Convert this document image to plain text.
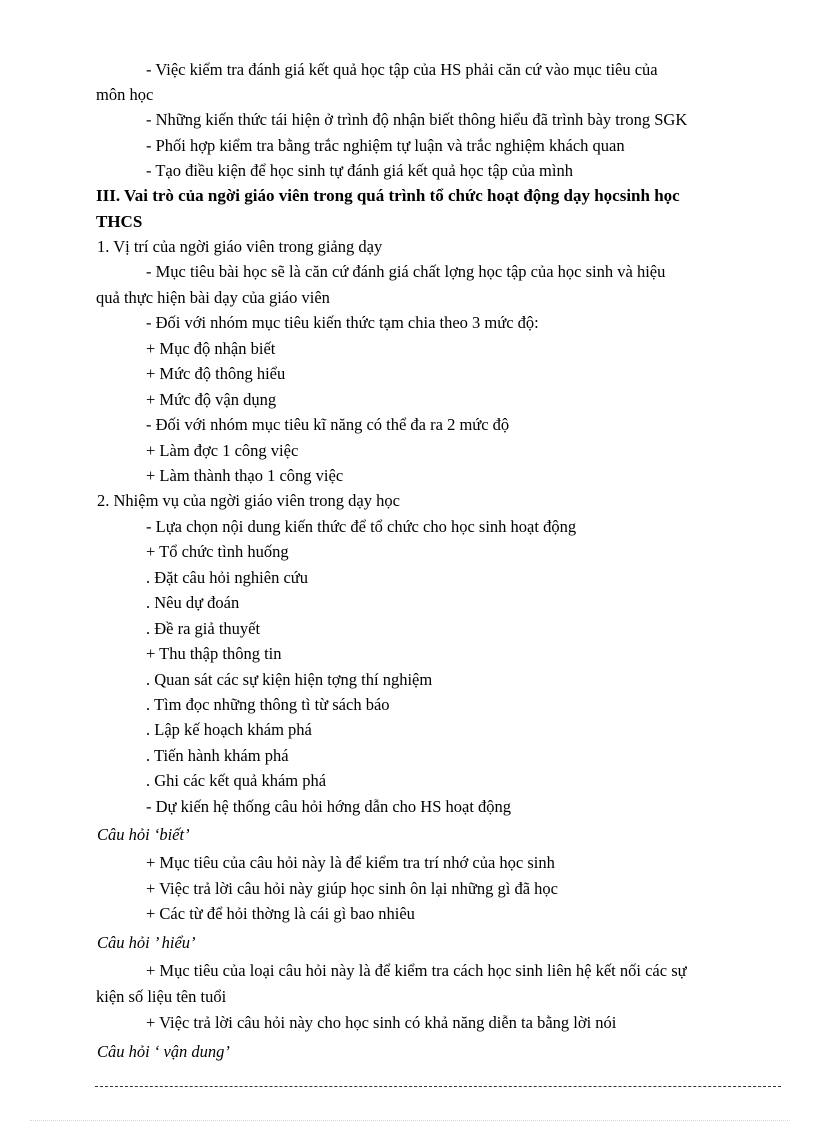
- Việc kiểm tra đánh giá kết quả học tập của HS phải căn cứ vào mục tiêu của
môn học
- Những kiến thức tái hiện ở trình độ nhận biết thông hiểu đã trình bày trong SGK
- Phối hợp kiểm tra bằng trắc nghiệm tự luận và trắc nghiệm khách quan
- Tạo điều kiện để học sinh tự đánh giá kết quả học tập của mình
III. Vai trò của ngời giáo viên trong quá trình tổ chức hoạt động dạy họcsinh học
THCS
1. Vị trí của ngời giáo viên trong giảng dạy
- Mục tiêu bài học sẽ là căn cứ đánh giá chất lợng học tập của học sinh và hiệu
quả thực hiện bài dạy của giáo viên
- Đối với nhóm mục tiêu kiến thức tạm chia theo 3 mức độ:
+ Mục độ nhận biết
+ Mức độ thông hiểu
+ Mức độ vận dụng
- Đối với nhóm mục tiêu kĩ năng có thể đa ra 2 mức độ
+ Làm đợc 1 công việc
+ Làm thành thạo 1 công việc
2. Nhiệm vụ của ngời giáo viên trong dạy học
- Lựa chọn nội dung kiến thức để tổ chức cho học sinh hoạt động
+ Tổ chức tình huống
. Đặt câu hỏi nghiên cứu
. Nêu dự đoán
. Đề ra giả thuyết
+ Thu thập thông tin
. Quan sát các sự kiện hiện tợng thí nghiệm
. Tìm đọc những thông tì từ sách báo
. Lập kế hoạch khám phá
. Tiến hành khám phá
. Ghi các kết quả khám phá
- Dự kiến hệ thống câu hỏi hớng dẫn cho HS hoạt động
Câu hỏi ‘biết’
+ Mục tiêu của câu hỏi này là để kiểm tra trí nhớ của học sinh
+ Việc trả lời câu hỏi này giúp học sinh ôn lại những gì đã học
+ Các từ để hỏi thờng là cái gì bao nhiêu
Câu hỏi ’ hiểu’
+ Mục tiêu của loại câu hỏi này là để kiểm tra cách học sinh liên hệ kết nối các sự
kiện số liệu tên tuổi
+ Việc trả lời câu hỏi này cho học sinh có khả năng diễn ta bằng lời nói
Câu hỏi ‘ vận dung’
